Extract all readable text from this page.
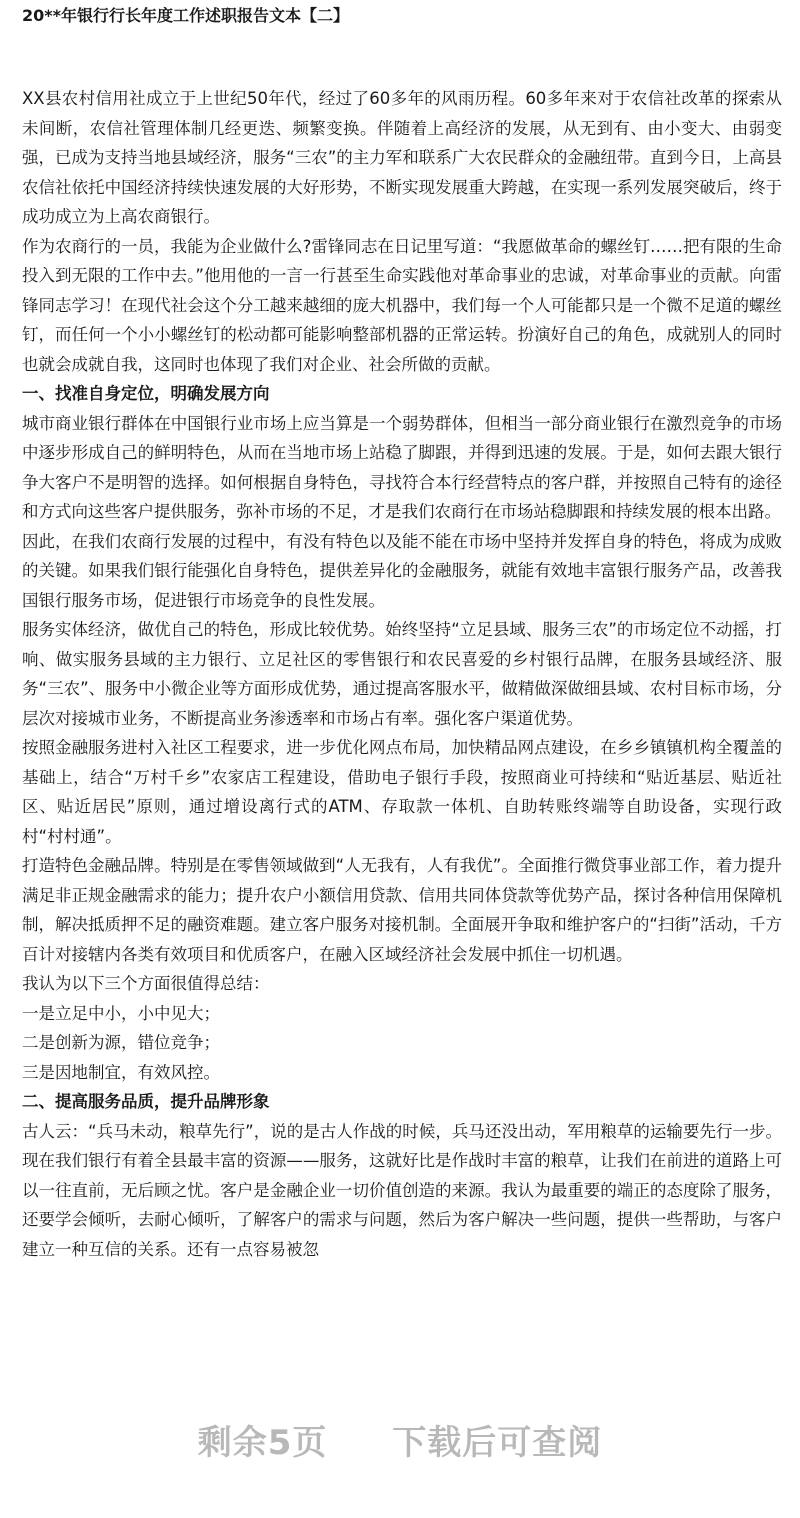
20**年银行行长年度工作述职报告文本【二】

XX县农村信用社成立于上世纪50年代，经过了60多年的风雨历程。60多年来对于农信社改革的探索从未间断，农信社管理体制几经更迭、频繁变换。伴随着上高经济的发展，从无到有、由小变大、由弱变强，已成为支持当地县域经济，服务“三农”的主力军和联系广大农民群众的金融纽带。直到今日，上高县农信社依托中国经济持续快速发展的大好形势，不断实现发展重大跨越，在实现一系列发展突破后，终于成功成立为上高农商银行。

作为农商行的一员，我能为企业做什么?雷锋同志在日记里写道：“我愿做革命的螺丝钉……把有限的生命投入到无限的工作中去。”他用他的一言一行甚至生命实践他对革命事业的忠诚，对革命事业的贡献。向雷锋同志学习！在现代社会这个分工越来越细的庞大机器中，我们每一个人可能都只是一个微不足道的螺丝钉，而任何一个小小螺丝钉的松动都可能影响整部机器的正常运转。扮演好自己的角色，成就别人的同时也就会成就自我，这同时也体现了我们对企业、社会所做的贡献。

一、找准自身定位，明确发展方向

城市商业银行群体在中国银行业市场上应当算是一个弱势群体，但相当一部分商业银行在激烈竞争的市场中逐步形成自己的鲜明特色，从而在当地市场上站稳了脚跟，并得到迅速的发展。于是，如何去跟大银行争大客户不是明智的选择。如何根据自身特色，寻找符合本行经营特点的客户群，并按照自己特有的途径和方式向这些客户提供服务，弥补市场的不足，才是我们农商行在市场站稳脚跟和持续发展的根本出路。

因此，在我们农商行发展的过程中，有没有特色以及能不能在市场中坚持并发挥自身的特色，将成为成败的关键。如果我们银行能强化自身特色，提供差异化的金融服务，就能有效地丰富银行服务产品，改善我国银行服务市场，促进银行市场竞争的良性发展。

服务实体经济，做优自己的特色，形成比较优势。始终坚持“立足县域、服务三农”的市场定位不动摇，打响、做实服务县域的主力银行、立足社区的零售银行和农民喜爱的乡村银行品牌，在服务县域经济、服务“三农”、服务中小微企业等方面形成优势，通过提高客服水平，做精做深做细县域、农村目标市场，分层次对接城市业务，不断提高业务渗透率和市场占有率。强化客户渠道优势。

按照金融服务进村入社区工程要求，进一步优化网点布局，加快精品网点建设，在乡乡镇镇机构全覆盖的基础上，结合“万村千乡”农家店工程建设，借助电子银行手段，按照商业可持续和“贴近基层、贴近社区、贴近居民”原则，通过增设离行式的ATM、存取款一体机、自助转账终端等自助设备，实现行政村“村村通”。

打造特色金融品牌。特别是在零售领域做到“人无我有，人有我优”。全面推行微贷事业部工作，着力提升满足非正规金融需求的能力；提升农户小额信用贷款、信用共同体贷款等优势产品，探讨各种信用保障机制，解决抵质押不足的融资难题。建立客户服务对接机制。全面展开争取和维护客户的“扫街”活动，千方百计对接辖内各类有效项目和优质客户，在融入区域经济社会发展中抓住一切机遇。

我认为以下三个方面很值得总结：

一是立足中小，小中见大；

二是创新为源，错位竞争；

三是因地制宜，有效风控。

二、提高服务品质，提升品牌形象

古人云：“兵马未动，粮草先行”，说的是古人作战的时候，兵马还没出动，军用粮草的运输要先行一步。现在我们银行有着全县最丰富的资源——服务，这就好比是作战时丰富的粮草，让我们在前进的道路上可以一往直前，无后顾之忧。客户是金融企业一切价值创造的来源。我认为最重要的端正的态度除了服务，还要学会倾听，去耐心倾听，了解客户的需求与问题，然后为客户解决一些问题，提供一些帮助，与客户建立一种互信的关系。还有一点容易被忽

剩余5页 下载后可查阅
